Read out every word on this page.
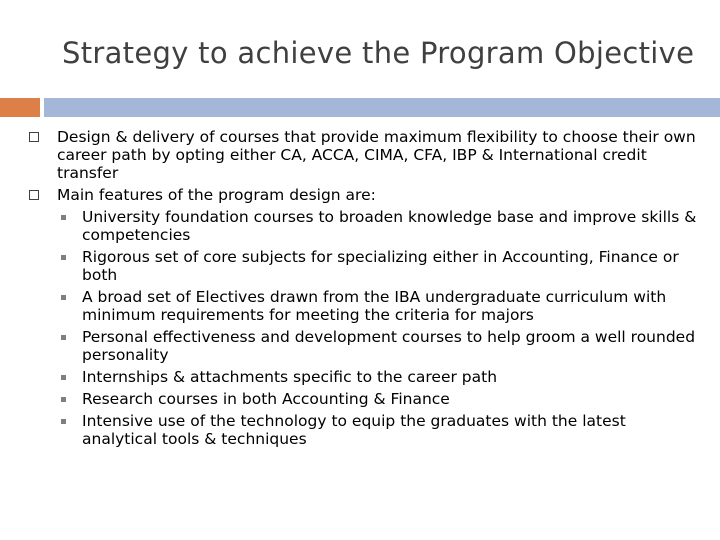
Strategy to achieve the Program Objective
Design & delivery of courses that provide maximum flexibility to choose their own career path by opting either CA, ACCA, CIMA, CFA, IBP & International credit transfer
Main features of the program design are:
University foundation courses to broaden knowledge base and improve skills & competencies
Rigorous set of core subjects for specializing either in Accounting, Finance or both
A broad set of Electives drawn from the IBA undergraduate curriculum with minimum requirements for meeting the criteria for majors
Personal effectiveness and development courses to help groom a well rounded personality
Internships & attachments specific to the career path
Research courses in both Accounting & Finance
Intensive use of the technology to equip the graduates with the latest analytical tools & techniques
